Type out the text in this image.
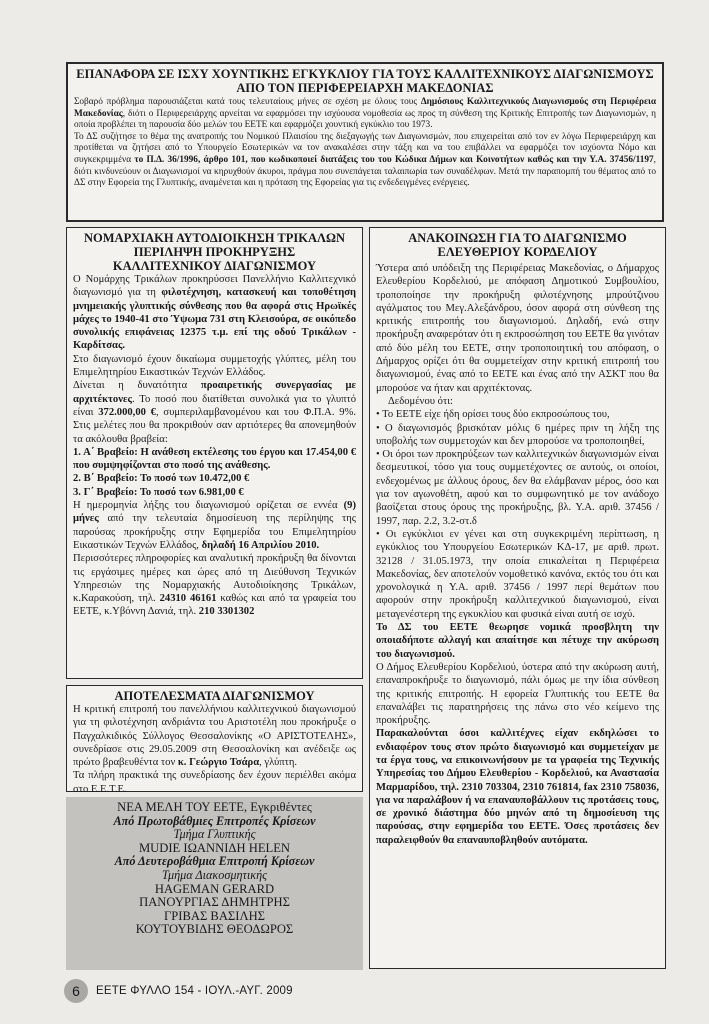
ΕΠΑΝΑΦΟΡΑ ΣΕ ΙΣΧΥ ΧΟΥΝΤΙΚΗΣ ΕΓΚΥΚΛΙΟΥ ΓΙΑ ΤΟΥΣ ΚΑΛΛΙΤΕΧΝΙΚΟΥΣ ΔΙΑΓΩΝΙΣΜΟΥΣ ΑΠΟ ΤΟΝ ΠΕΡΙΦΕΡΕΙΑΡΧΗ ΜΑΚΕΔΟΝΙΑΣ

Σοβαρό πρόβλημα παρουσιάζεται κατά τους τελευταίους μήνες σε σχέση με όλους τους Δημόσιους Καλλιτεχνικούς Διαγωνισμούς στη Περιφέρεια Μακεδονίας, διότι ο Περιφερειάρχης αρνείται να εφαρμόσει την ισχύουσα νομοθεσία ως προς τη σύνθεση της Κριτικής Επιτροπής των Διαγωνισμών, η οποία προβλέπει τη παρουσία δύο μελών του ΕΕΤΕ και εφαρμόζει χουντική εγκύκλιο του 1973.

Το ΔΣ συζήτησε το θέμα της ανατροπής του Νομικού Πλαισίου της διεξαγωγής των Διαγωνισμών, που επιχειρείται από τον εν λόγω Περιφερειάρχη και προτίθεται να ζητήσει από το Υπουργείο Εσωτερικών να τον ανακαλέσει στην τάξη και να του επιβάλλει να εφαρμόζει τον ισχύοντα Νόμο και συγκεκριμμένα το Π.Δ. 36/1996, άρθρο 101, που κωδικοποιεί διατάξεις του του Κώδικα Δήμων και Κοινοτήτων καθώς και την Υ.Α. 37456/1197, διότι κινδυνεύουν οι Διαγωνισμοί να κηρυχθούν άκυροι, πράγμα που συνεπάγεται ταλαιπωρία των συναδέλφων. Μετά την παραπομπή του θέματος από το ΔΣ στην Εφορεία της Γλυπτικής, αναμένεται και η πρόταση της Εφορείας για τις ενδεδειγμένες ενέργειες.

ΝΟΜΑΡΧΙΑΚΗ ΑΥΤΟΔΙΟΙΚΗΣΗ ΤΡΙΚΑΛΩΝ
ΠΕΡΙΛΗΨΗ ΠΡΟΚΗΡΥΞΗΣ
ΚΑΛΛΙΤΕΧΝΙΚΟΥ ΔΙΑΓΩΝΙΣΜΟΥ

Ο Νομάρχης Τρικάλων προκηρύσσει Πανελλήνιο Καλλιτεχνικό διαγωνισμό για τη φιλοτέχνηση, κατασκευή και τοποθέτηση μνημειακής γλυπτικής σύνθεσης που θα αφορά στις Ηρωϊκές μάχες το 1940-41 στο Ύψωμα 731 στη Κλεισούρα, σε οικόπεδο συνολικής επιφάνειας 12375 τ.μ. επί της οδού Τρικάλων - Καρδίτσας.

Στο διαγωνισμό έχουν δικαίωμα συμμετοχής γλύπτες, μέλη του Επιμελητηρίου Εικαστικών Τεχνών Ελλάδος.

Δίνεται η δυνατότητα προαιρετικής συνεργασίας με αρχιτέκτονες. Το ποσό που διατίθεται συνολικά για το γλυπτό είναι 372.000,00 €, συμπεριλαμβανομένου και του Φ.Π.Α. 9%. Στις μελέτες που θα προκριθούν σαν αρτιότερες θα απονεμηθούν τα ακόλουθα βραβεία:

1. Α΄ Βραβείο: Η ανάθεση εκτέλεσης του έργου και 17.454,00 € που συμψηφίζονται στο ποσό της ανάθεσης.

2. Β΄ Βραβείο: Το ποσό των 10.472,00 €

3. Γ΄ Βραβείο: Το ποσό των 6.981,00 €

Η ημερομηνία λήξης του διαγωνισμού ορίζεται σε εννέα (9) μήνες από την τελευταία δημοσίευση της περίληψης της παρούσας προκήρυξης στην Εφημερίδα του Επιμελητηρίου Εικαστικών Τεχνών Ελλάδος, δηλαδή 16 Απριλίου 2010.

Περισσότερες πληροφορίες και αναλυτική προκήρυξη θα δίνονται τις εργάσιμες ημέρες και ώρες από τη Διεύθυνση Τεχνικών Υπηρεσιών της Νομαρχιακής Αυτοδιοίκησης Τρικάλων, κ.Καρακούση, τηλ. 24310 46161 καθώς και από τα γραφεία του ΕΕΤΕ, κ.Υβόννη Δανιά, τηλ. 210 3301302

ΑΠΟΤΕΛΕΣΜΑΤΑ ΔΙΑΓΩΝΙΣΜΟΥ

Η κριτική επιτροπή του πανελλήνιου καλλιτεχνικού διαγωνισμού για τη φιλοτέχνηση ανδριάντα του Αριστοτέλη που προκήρυξε ο Παγχαλκιδικός Σύλλογος Θεσσαλονίκης «Ο ΑΡΙΣΤΟΤΕΛΗΣ», συνεδρίασε στις 29.05.2009 στη Θεσσαλονίκη και ανέδειξε ως πρώτο βραβευθέντα τον κ. Γεώργιο Τσάρα, γλύπτη.

Τα πλήρη πρακτικά της συνεδρίασης δεν έχουν περιέλθει ακόμα στο Ε.Ε.Τ.Ε.

ΝΕΑ ΜΕΛΗ ΤΟΥ ΕΕΤΕ, Εγκριθέντες
Από Πρωτοβάθμιες Επιτροπές Κρίσεων
Τμήμα Γλυπτικής
MUDIE ΙΩΑΝΝΙΔΗ HELEN
Από Δευτεροβάθμια Επιτροπή Κρίσεων
Τμήμα Διακοσμητικής
HAGEMAN GERARD
ΠΑΝΟΥΡΓΙΑΣ ΔΗΜΗΤΡΗΣ
ΓΡΙΒΑΣ ΒΑΣΙΛΗΣ
ΚΟΥΤΟΥΒΙΔΗΣ ΘΕΟΔΩΡΟΣ
ΑΝΑΚΟΙΝΩΣΗ ΓΙΑ ΤΟ ΔΙΑΓΩΝΙΣΜΟ
ΕΛΕΥΘΕΡΙΟΥ ΚΟΡΔΕΛΙΟΥ

Ύστερα από υπόδειξη της Περιφέρειας Μακεδονίας, ο Δήμαρχος Ελευθερίου Κορδελιού, με απόφαση Δημοτικού Συμβουλίου, τροποποίησε την προκήρυξη φιλοτέχνησης μπρούτζινου αγάλματος του Μεγ.Αλεξάνδρου, όσον αφορά στη σύνθεση της κριτικής επιτροπής του διαγωνισμού. Δηλαδή, ενώ στην προκήρυξη αναφερόταν ότι η εκπροσώπηση του ΕΕΤΕ θα γινόταν από δύο μέλη του ΕΕΤΕ, στην τροποποιητική του απόφαση, ο Δήμαρχος ορίζει ότι θα συμμετείχαν στην κριτική επιτροπή του διαγωνισμού, ένας από το ΕΕΤΕ και ένας από την ΑΣΚΤ που θα μπορούσε να ήταν και αρχιτέκτονας.

Δεδομένου ότι:

• Το ΕΕΤΕ είχε ήδη ορίσει τους δύο εκπροσώπους του,

• Ο διαγωνισμός βρισκόταν μόλις 6 ημέρες πριν τη λήξη της υποβολής των συμμετοχών και δεν μπορούσε να τροποποιηθεί,

• Οι όροι των προκηρύξεων των καλλιτεχνικών διαγωνισμών είναι δεσμευτικοί, τόσο για τους συμμετέχοντες σε αυτούς, οι οποίοι, ενδεχομένως με άλλους όρους, δεν θα ελάμβαναν μέρος, όσο και για τον αγωνοθέτη, αφού και το συμφωνητικό με τον ανάδοχο βασίζεται στους όρους της προκήρυξης, βλ. Υ.Α. αριθ. 37456 / 1997, παρ. 2.2, 3.2-στ.δ

• Οι εγκύκλιοι εν γένει και στη συγκεκριμένη περίπτωση, η εγκύκλιος του Υπουργείου Εσωτερικών ΚΔ-17, με αριθ. πρωτ. 32128 / 31.05.1973, την οποία επικαλείται η Περιφέρεια Μακεδονίας, δεν αποτελούν νομοθετικό κανόνα, εκτός του ότι και χρονολογικά η Υ.Α. αριθ. 37456 / 1997 περί θεμάτων που αφορούν στην προκήρυξη καλλιτεχνικού διαγωνισμού, είναι μεταγενέστερη της εγκυκλίου και φυσικά είναι αυτή σε ισχύ.

Το ΔΣ του ΕΕΤΕ θεωρησε νομικά προσβλητη την οποιαδήποτε αλλαγή και απαίτησε και πέτυχε την ακύρωση του διαγωνισμού.

Ο Δήμος Ελευθερίου Κορδελιού, ύστερα από την ακύρωση αυτή, επαναπροκήρυξε το διαγωνισμό, πάλι όμως με την ίδια σύνθεση της κριτικής επιτροπής. Η εφορεία Γλυπτικής του ΕΕΤΕ θα επαναλάβει τις παρατηρήσεις της πάνω στο νέο κείμενο της προκήρυξης.

Παρακαλούνται όσοι καλλιτέχνες είχαν εκδηλώσει το ενδιαφέρον τους στον πρώτο διαγωνισμό και συμμετείχαν με τα έργα τους, να επικοινωνήσουν με τα γραφεία της Τεχνικής Υπηρεσίας του Δήμου Ελευθερίου - Κορδελιού, κα Αναστασία Μαρμαρίδου, τηλ. 2310 703304, 2310 761814, fax 2310 758036, για να παραλάβουν ή να επαναυποβάλλουν τις προτάσεις τους, σε χρονικό διάστημα δύο μηνών από τη δημοσίευση της παρούσας, στην εφημερίδα του ΕΕΤΕ. Όσες προτάσεις δεν παραλειφθούν θα επαναυποβληθούν αυτόματα.

6	ΕΕΤΕ ΦΥΛΛΟ 154 - ΙΟΥΛ.-ΑΥΓ. 2009
